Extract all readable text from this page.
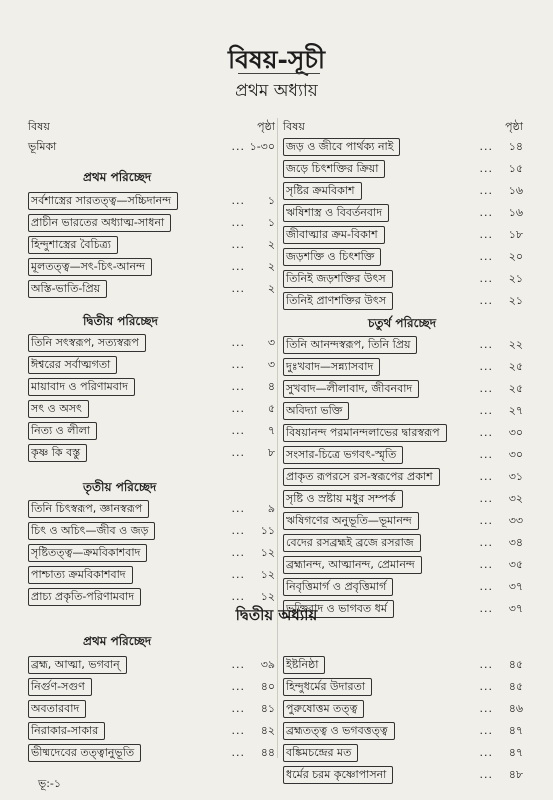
বিষয়-সূচী
প্রথম অধ্যায়
বিষয়	পৃষ্ঠা
ভূমিকা	... ১-৩০
প্রথম পরিচ্ছেদ
সর্বশাস্ত্রের সারতত্ত্ব—সচ্চিদানন্দ	... ১
প্রাচীন ভারতের অধ্যাত্ম-সাধনা	... ১
হিন্দুশাস্ত্রের বৈচিত্র্য	... ২
মূলতত্ত্ব—সৎ-চিৎ-আনন্দ	... ২
অস্তি-ভাতি-প্রিয়	... ২
দ্বিতীয় পরিচ্ছেদ
তিনি সৎস্বরূপ, সত্যস্বরূপ	... ৩
ঈশ্বরের সর্বাত্মগতা	... ৩
মায়াবাদ ও পরিণামবাদ	... ৪
সৎ ও অসৎ	... ৫
নিত্য ও লীলা	... ৭
কৃষ্ণ কি বস্তু	... ৮
তৃতীয় পরিচ্ছেদ
তিনি চিৎস্বরূপ, জ্ঞানস্বরূপ	... ৯
চিৎ ও অচিৎ—জীব ও জড়	... ১১
সৃষ্টিতত্ত্ব—ক্রমবিকাশবাদ	... ১২
পাশ্চাত্য ক্রমবিকাশবাদ	... ১২
প্রাচ্য প্রকৃতি-পরিণামবাদ	... ১২
প্রথম পরিচ্ছেদ
ব্রহ্ম, আত্মা, ভগবান্‌	... ৩৯
নির্গুণ-সগুণ	... ৪০
অবতারবাদ	... ৪১
নিরাকার-সাকার	... ৪২
ভীষ্মদেবের তত্ত্বানুভূতি	... ৪৪
বিষয়	পৃষ্ঠা
জড় ও জীবে পার্থক্য নাই	... ১৪
জড়ে চিৎশক্তির ক্রিয়া	... ১৫
সৃষ্টির ক্রমবিকাশ	... ১৬
ঋষিশাস্ত্র ও বিবর্তনবাদ	... ১৬
জীবাত্মার ক্রম-বিকাশ	... ১৮
জড়শক্তি ও চিৎশক্তি	... ২০
তিনিই জড়শক্তির উৎস	... ২১
তিনিই প্রাণশক্তির উৎস	... ২১
চতুর্থ পরিচ্ছেদ
তিনি আনন্দস্বরূপ, তিনি প্রিয়	... ২২
দুঃখবাদ—সন্ন্যাসবাদ	... ২৫
সুখবাদ—লীলাবাদ, জীবনবাদ	... ২৫
অবিদ্যা ভক্তি	... ২৭
বিষয়ানন্দ পরমানন্দলাভের দ্বারস্বরূপ	... ৩০
সংসার-চিত্রে ভগবৎ-স্মৃতি	... ৩০
প্রাকৃত রূপরসে রস-স্বরূপের প্রকাশ	... ৩১
সৃষ্টি ও স্রষ্টায় মধুর সম্পর্ক	... ৩২
ঋষিগণের অনুভূতি—ভূমানন্দ	... ৩৩
বেদের রসব্রহ্মই ব্রজে রসরাজ	... ৩৪
ব্রহ্মানন্দ, আত্মানন্দ, প্রেমানন্দ	... ৩৫
নিবৃত্তিমার্গ ও প্রবৃত্তিমার্গ	... ৩৭
ভক্তিবাদ ও ভাগবত ধর্ম	... ৩৭
ইষ্টনিষ্ঠা	... ৪৫
হিন্দুধর্মের উদারতা	... ৪৫
পুরুষোত্তম তত্ত্ব	... ৪৬
ব্রহ্মতত্ত্ব ও ভগবত্তত্ত্ব	... ৪৭
বঙ্কিমচন্দ্রের মত	... ৪৭
ধর্মের চরম কৃষ্ণোপাসনা	... ৪৮
দ্বিতীয় অধ্যায়
ভূ:-১
